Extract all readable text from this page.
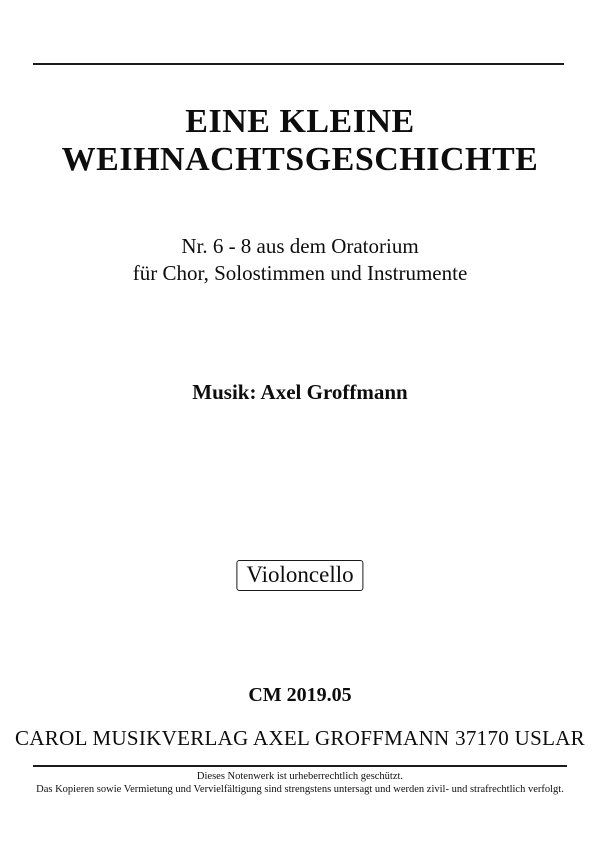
EINE KLEINE
WEIHNACHTSGESCHICHTE
Nr. 6 - 8 aus dem Oratorium
für Chor, Solostimmen und Instrumente
Musik: Axel Groffmann
Violoncello
CM 2019.05
CAROL MUSIKVERLAG AXEL GROFFMANN 37170 USLAR
Dieses Notenwerk ist urheberrechtlich geschützt.
Das Kopieren sowie Vermietung und Vervielfältigung sind strengstens untersagt und werden zivil- und strafrechtlich verfolgt.
